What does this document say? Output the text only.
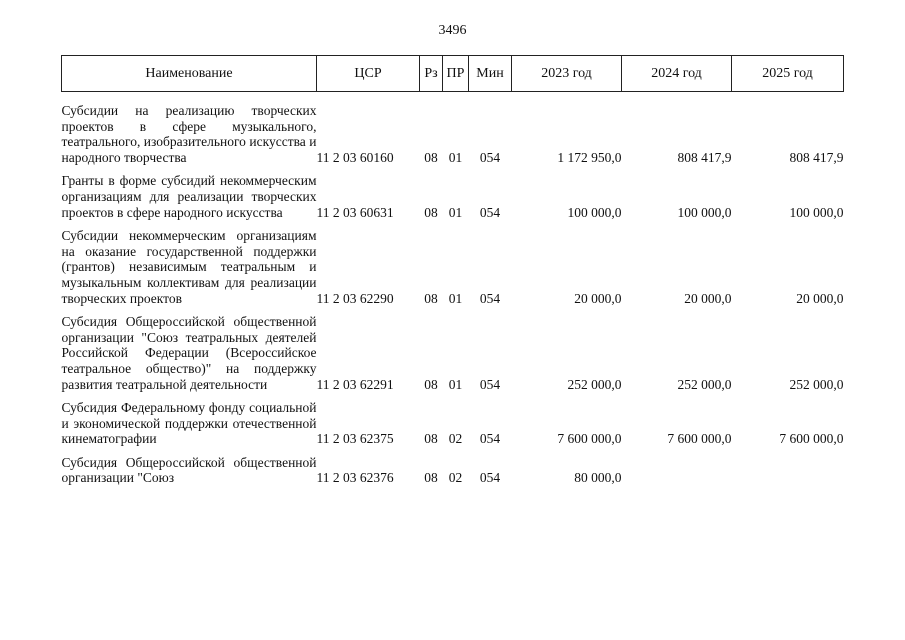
3496
Наименование	ЦСР	Рз	ПР	Мин	2023 год	2024 год	2025 год

Субсидии на реализацию творческих проектов в сфере музыкального, театрального, изобразительного искусства и народного творчества	11 2 03 60160	08	01	054	1 172 950,0	808 417,9	808 417,9

Гранты в форме субсидий некоммерческим организациям для реализации творческих проектов в сфере народного искусства	11 2 03 60631	08	01	054	100 000,0	100 000,0	100 000,0

Субсидии некоммерческим организациям на оказание государственной поддержки (грантов) независимым театральным и музыкальным коллективам для реализации творческих проектов	11 2 03 62290	08	01	054	20 000,0	20 000,0	20 000,0

Субсидия Общероссийской общественной организации "Союз театральных деятелей Российской Федерации (Всероссийское театральное общество)" на поддержку развития театральной деятельности	11 2 03 62291	08	01	054	252 000,0	252 000,0	252 000,0

Субсидия Федеральному фонду социальной и экономической поддержки отечественной кинематографии	11 2 03 62375	08	02	054	7 600 000,0	7 600 000,0	7 600 000,0

Субсидия Общероссийской общественной организации "Союз	11 2 03 62376	08	02	054	80 000,0		
